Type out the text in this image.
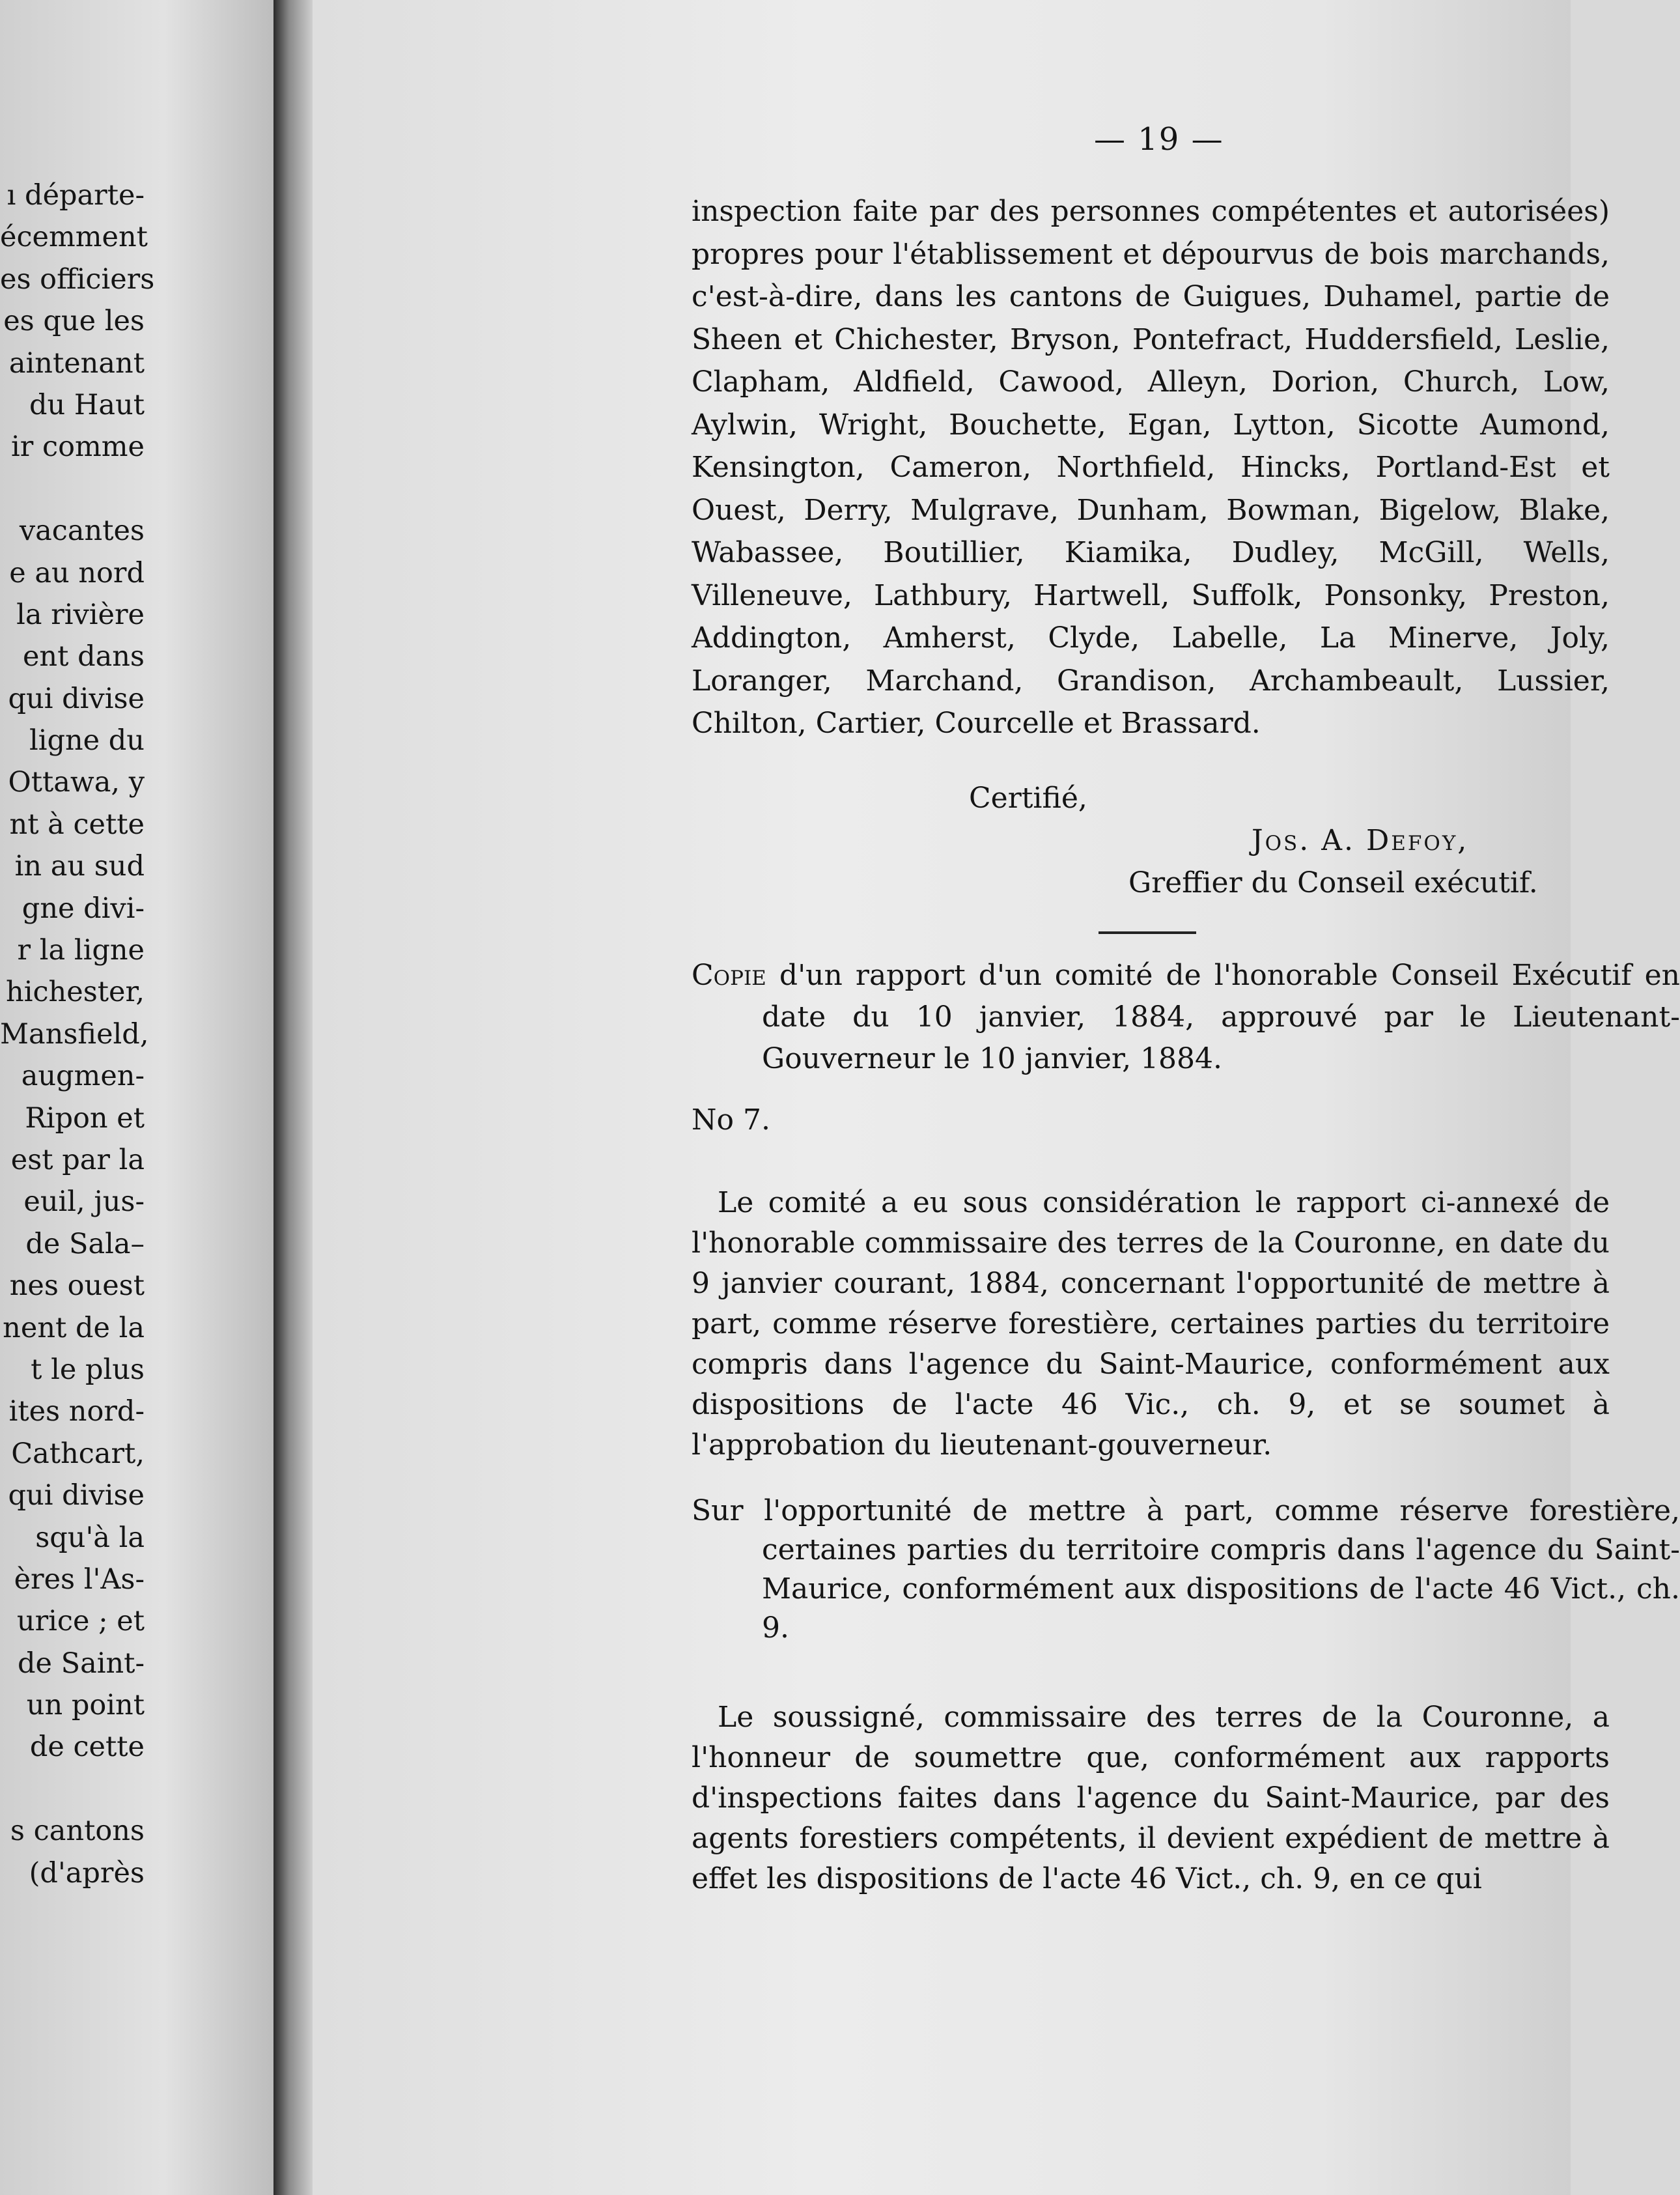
ı départe-
écemment
es officiers
es que les
aintenant
du Haut
ir comme
vacantes
e au nord
la rivière
ent dans
qui divise
ligne du
Ottawa, y
nt à cette
in au sud
gne divi-
r la ligne
hichester,
Mansfield,
augmen-
Ripon et
est par la
euil, jus-
de Sala–
nes ouest
nent de la
t le plus
ites nord-
Cathcart,
qui divise
squ'à la
ères l'As-
urice ; et
de Saint-
un point
de cette
s cantons
(d'après
— 19 —
inspection faite par des personnes compétentes et autorisées) propres pour l'établissement et dépourvus de bois marchands, c'est-à-dire, dans les cantons de Guigues, Duhamel, partie de Sheen et Chichester, Bryson, Pontefract, Huddersfield, Leslie, Clapham, Aldfield, Cawood, Alleyn, Dorion, Church, Low, Aylwin, Wright, Bouchette, Egan, Lytton, Sicotte Aumond, Kensington, Cameron, Northfield, Hincks, Portland-Est et Ouest, Derry, Mulgrave, Dunham, Bowman, Bigelow, Blake, Wabassee, Boutillier, Kiamika, Dudley, McGill, Wells, Villeneuve, Lathbury, Hartwell, Suffolk, Ponsonky, Preston, Addington, Amherst, Clyde, Labelle, La Minerve, Joly, Loranger, Marchand, Grandison, Archambeault, Lussier, Chilton, Cartier, Courcelle et Brassard.
Certifié,
Jos. A. Defoy,
Greffier du Conseil exécutif.
Copie d'un rapport d'un comité de l'honorable Conseil Exécutif en date du 10 janvier, 1884, approuvé par le Lieutenant-Gouverneur le 10 janvier, 1884.
No 7.
Le comité a eu sous considération le rapport ci-annexé de l'honorable commissaire des terres de la Couronne, en date du 9 janvier courant, 1884, concernant l'opportunité de mettre à part, comme réserve forestière, certaines parties du territoire compris dans l'agence du Saint-Maurice, conformément aux dispositions de l'acte 46 Vic., ch. 9, et se soumet à l'approbation du lieutenant-gouverneur.
Sur l'opportunité de mettre à part, comme réserve forestière, certaines parties du territoire compris dans l'agence du Saint-Maurice, conformément aux dispositions de l'acte 46 Vict., ch. 9.
Le soussigné, commissaire des terres de la Couronne, a l'honneur de soumettre que, conformément aux rapports d'inspections faites dans l'agence du Saint-Maurice, par des agents forestiers compétents, il devient expédient de mettre à effet les dispositions de l'acte 46 Vict., ch. 9, en ce qui
